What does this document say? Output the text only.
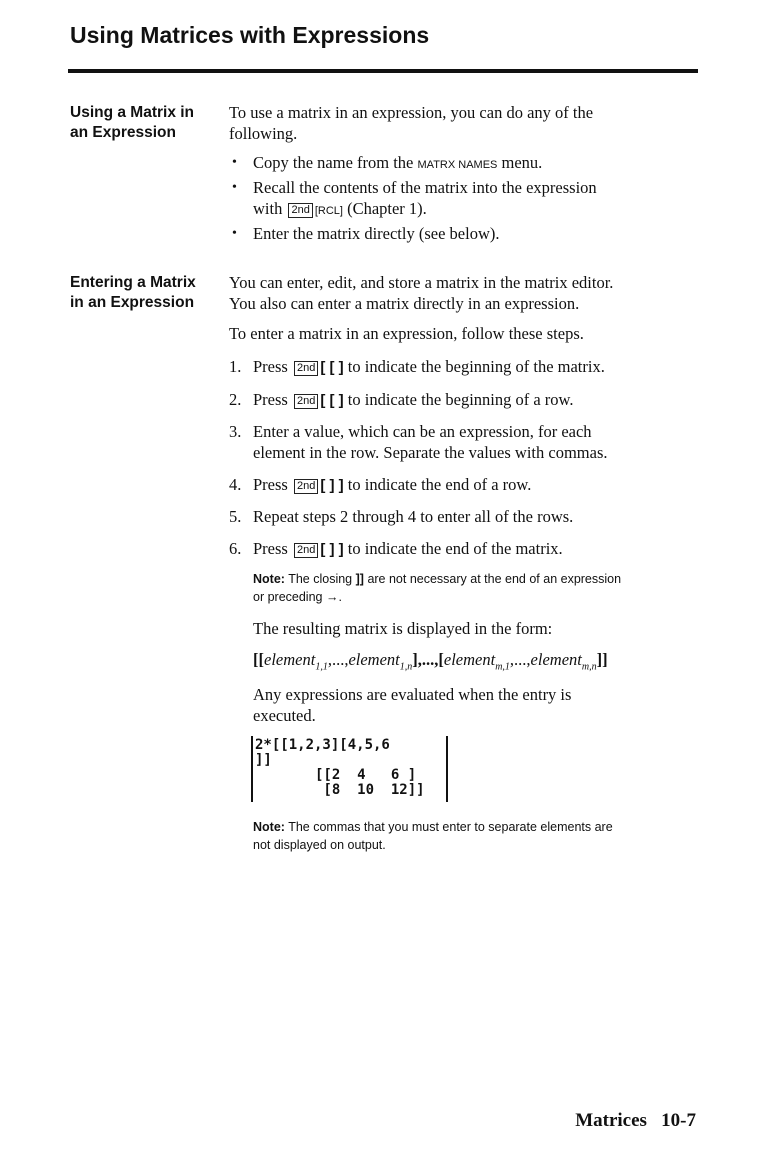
Using Matrices with Expressions
Using a Matrix in
an Expression
To use a matrix in an expression, you can do any of the
following.
• Copy the name from the MATRX NAMES menu.
• Recall the contents of the matrix into the expression
with 2nd [RCL] (Chapter 1).
• Enter the matrix directly (see below).
Entering a Matrix
in an Expression
You can enter, edit, and store a matrix in the matrix editor.
You also can enter a matrix directly in an expression.
To enter a matrix in an expression, follow these steps.
1. Press 2nd [ [ ] to indicate the beginning of the matrix.
2. Press 2nd [ [ ] to indicate the beginning of a row.
3. Enter a value, which can be an expression, for each
element in the row. Separate the values with commas.
4. Press 2nd [ ] ] to indicate the end of a row.
5. Repeat steps 2 through 4 to enter all of the rows.
6. Press 2nd [ ] ] to indicate the end of the matrix.
Note: The closing ]] are not necessary at the end of an expression
or preceding →.
The resulting matrix is displayed in the form:
[[element$_{1,1}$,...,element$_{1,n}$],...,[element$_{m,1}$,...,element$_{m,n}$]]
Any expressions are evaluated when the entry is
executed.
2*[[1,2,3][4,5,6
]]
[[2  4   6 ]
[8  10  12]]
Note: The commas that you must enter to separate elements are
not displayed on output.
Matrices   10-7
